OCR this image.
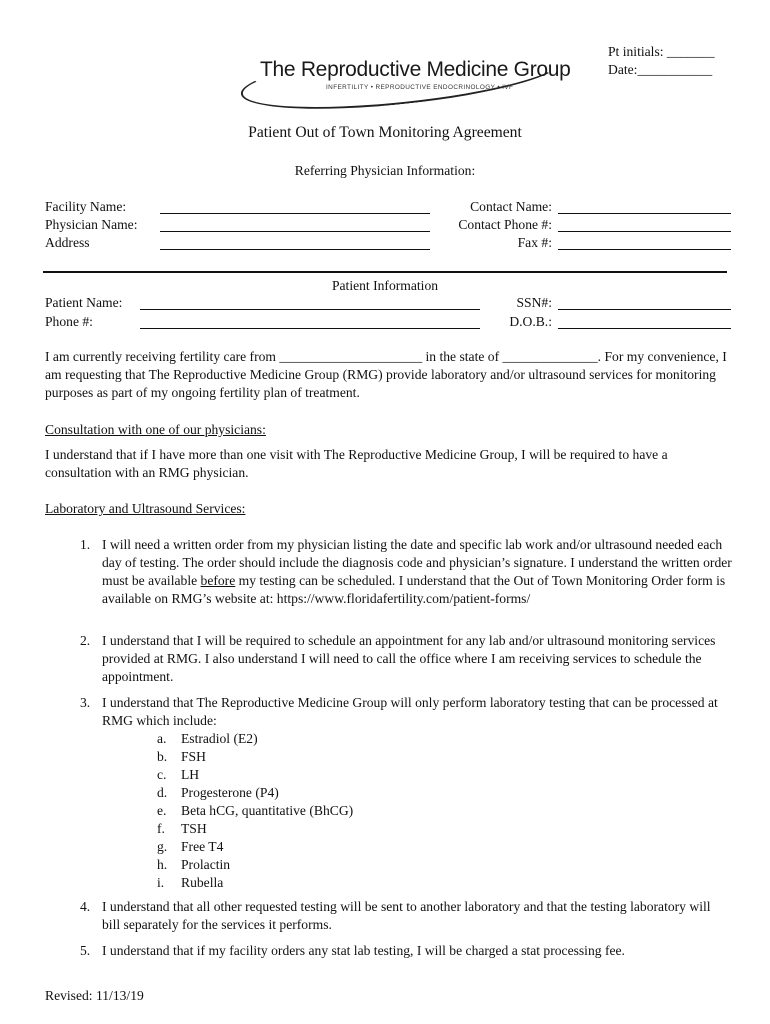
Pt initials: _______
Date:___________
The Reproductive Medicine Group
INFERTILITY • REPRODUCTIVE ENDOCRINOLOGY • IVF
Patient Out of Town Monitoring Agreement
Referring Physician Information:
Facility Name:
Physician Name:
Address
Contact Name:
Contact Phone #:
Fax #:
Patient Information
Patient Name:
Phone #:
SSN#:
D.O.B.:
I am currently receiving fertility care from _____________________ in the state of ______________. For my convenience, I am requesting that The Reproductive Medicine Group (RMG) provide laboratory and/or ultrasound services for monitoring purposes as part of my ongoing fertility plan of treatment.
Consultation with one of our physicians:
I understand that if I have more than one visit with The Reproductive Medicine Group, I will be required to have a consultation with an RMG physician.
Laboratory and Ultrasound Services:
1. I will need a written order from my physician listing the date and specific lab work and/or ultrasound needed each day of testing. The order should include the diagnosis code and physician’s signature. I understand the written order must be available before my testing can be scheduled. I understand that the Out of Town Monitoring Order form is available on RMG’s website at: https://www.floridafertility.com/patient-forms/
2. I understand that I will be required to schedule an appointment for any lab and/or ultrasound monitoring services provided at RMG. I also understand I will need to call the office where I am receiving services to schedule the appointment.
3. I understand that The Reproductive Medicine Group will only perform laboratory testing that can be processed at RMG which include:
a. Estradiol (E2)
b. FSH
c. LH
d. Progesterone (P4)
e. Beta hCG, quantitative (BhCG)
f. TSH
g. Free T4
h. Prolactin
i. Rubella
4. I understand that all other requested testing will be sent to another laboratory and that the testing laboratory will bill separately for the services it performs.
5. I understand that if my facility orders any stat lab testing, I will be charged a stat processing fee.
Revised: 11/13/19
